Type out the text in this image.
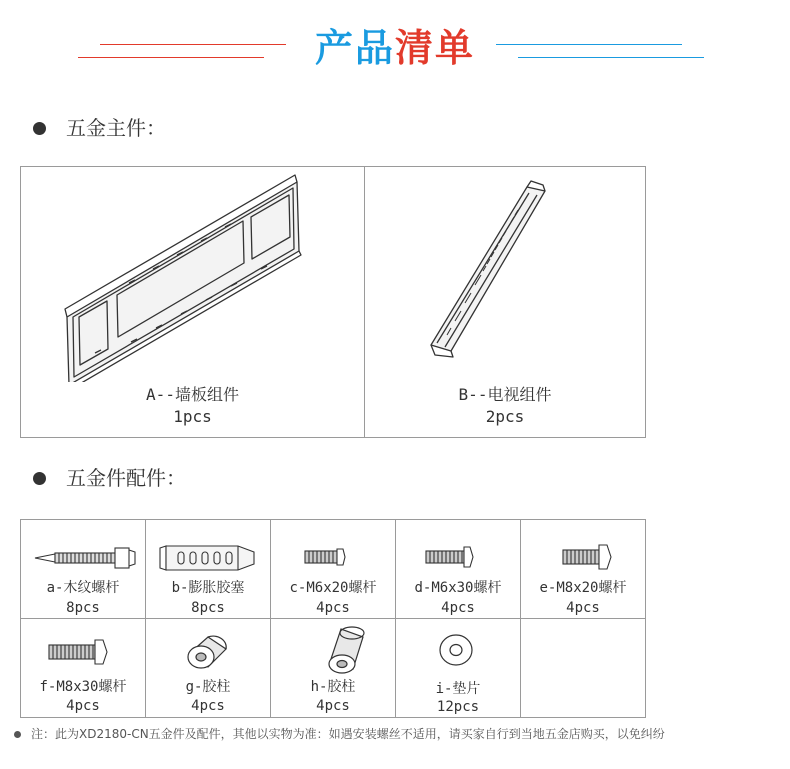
产品清单
五金主件：
A--墙板组件
1pcs
B--电视组件
2pcs
五金件配件：
a-木纹螺杆
8pcs
b-膨胀胶塞
8pcs
c-M6x20螺杆
4pcs
d-M6x30螺杆
4pcs
e-M8x20螺杆
4pcs
f-M8x30螺杆
4pcs
g-胶柱
4pcs
h-胶柱
4pcs
i-垫片
12pcs
注：此为XD2180-CN五金件及配件，其他以实物为准：如遇安装螺丝不适用，请买家自行到当地五金店购买，以免纠纷
